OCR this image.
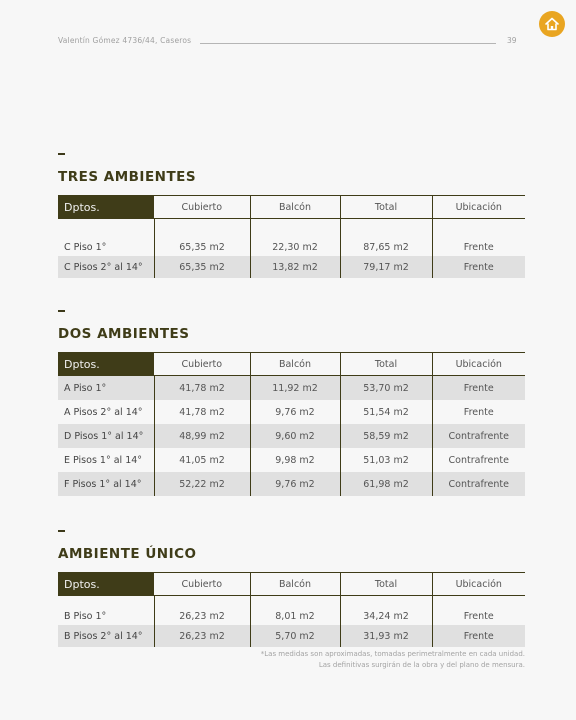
Valentín Gómez 4736/44, Caseros	39
TRES AMBIENTES
Dptos.	Cubierto	Balcón	Total	Ubicación
C Piso 1°	65,35 m2	22,30 m2	87,65 m2	Frente
C Pisos 2° al 14°	65,35 m2	13,82 m2	79,17 m2	Frente
DOS AMBIENTES
Dptos.	Cubierto	Balcón	Total	Ubicación
A Piso 1°	41,78 m2	11,92 m2	53,70 m2	Frente
A Pisos 2° al 14°	41,78 m2	9,76 m2	51,54 m2	Frente
D Pisos 1° al 14°	48,99 m2	9,60 m2	58,59 m2	Contrafrente
E Pisos 1° al 14°	41,05 m2	9,98 m2	51,03 m2	Contrafrente
F Pisos 1° al 14°	52,22 m2	9,76 m2	61,98 m2	Contrafrente
AMBIENTE ÚNICO
Dptos.	Cubierto	Balcón	Total	Ubicación
B Piso 1°	26,23 m2	8,01 m2	34,24 m2	Frente
B Pisos 2° al 14°	26,23 m2	5,70 m2	31,93 m2	Frente
*Las medidas son aproximadas, tomadas perimetralmente en cada unidad.
Las definitivas surgirán de la obra y del plano de mensura.
